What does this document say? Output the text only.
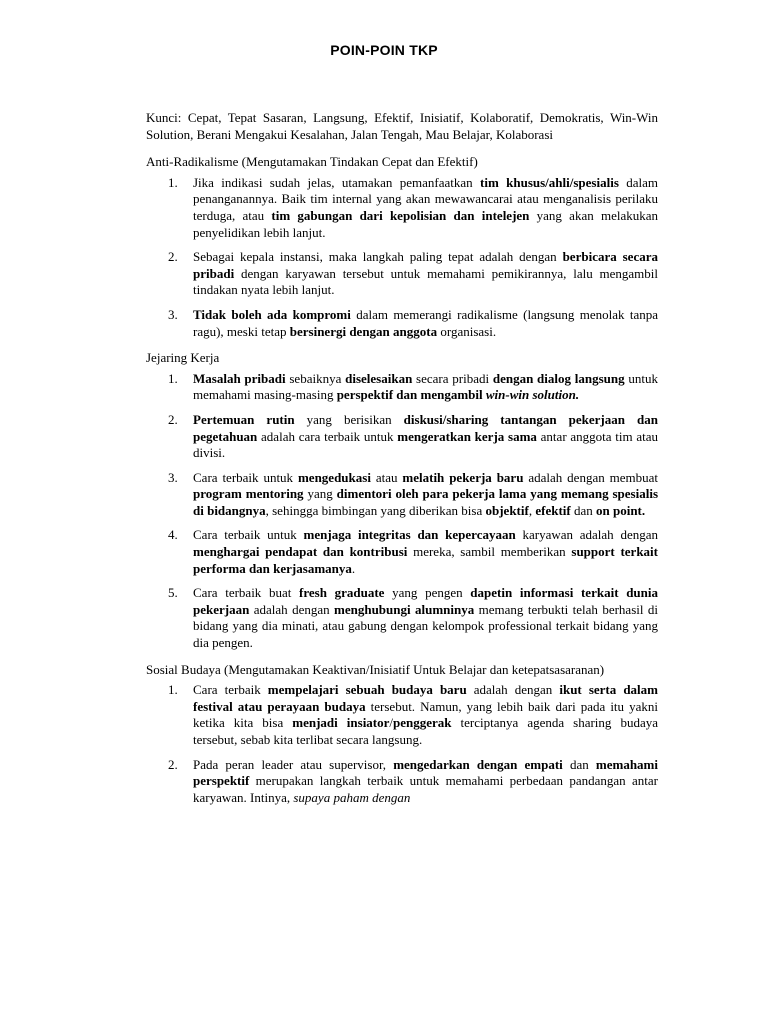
POIN-POIN TKP

Kunci: Cepat, Tepat Sasaran, Langsung, Efektif, Inisiatif, Kolaboratif, Demokratis, Win-Win Solution, Berani Mengakui Kesalahan, Jalan Tengah, Mau Belajar, Kolaborasi

Anti-Radikalisme (Mengutamakan Tindakan Cepat dan Efektif)

1. Jika indikasi sudah jelas, utamakan pemanfaatkan tim khusus/ahli/spesialis dalam penanganannya. Baik tim internal yang akan mewawancarai atau menganalisis perilaku terduga, atau tim gabungan dari kepolisian dan intelejen yang akan melakukan penyelidikan lebih lanjut.
2. Sebagai kepala instansi, maka langkah paling tepat adalah dengan berbicara secara pribadi dengan karyawan tersebut untuk memahami pemikirannya, lalu mengambil tindakan nyata lebih lanjut.
3. Tidak boleh ada kompromi dalam memerangi radikalisme (langsung menolak tanpa ragu), meski tetap bersinergi dengan anggota organisasi.

Jejaring Kerja

1. Masalah pribadi sebaiknya diselesaikan secara pribadi dengan dialog langsung untuk memahami masing-masing perspektif dan mengambil win-win solution.
2. Pertemuan rutin yang berisikan diskusi/sharing tantangan pekerjaan dan pegetahuan adalah cara terbaik untuk mengeratkan kerja sama antar anggota tim atau divisi.
3. Cara terbaik untuk mengedukasi atau melatih pekerja baru adalah dengan membuat program mentoring yang dimentori oleh para pekerja lama yang memang spesialis di bidangnya, sehingga bimbingan yang diberikan bisa objektif, efektif dan on point.
4. Cara terbaik untuk menjaga integritas dan kepercayaan karyawan adalah dengan menghargai pendapat dan kontribusi mereka, sambil memberikan support terkait performa dan kerjasamanya.
5. Cara terbaik buat fresh graduate yang pengen dapetin informasi terkait dunia pekerjaan adalah dengan menghubungi alumninya memang terbukti telah berhasil di bidang yang dia minati, atau gabung dengan kelompok professional terkait bidang yang dia pengen.

Sosial Budaya (Mengutamakan Keaktivan/Inisiatif Untuk Belajar dan ketepatsasaranan)

1. Cara terbaik mempelajari sebuah budaya baru adalah dengan ikut serta dalam festival atau perayaan budaya tersebut. Namun, yang lebih baik dari pada itu yakni ketika kita bisa menjadi insiator/penggerak terciptanya agenda sharing budaya tersebut, sebab kita terlibat secara langsung.
2. Pada peran leader atau supervisor, mengedarkan dengan empati dan memahami perspektif merupakan langkah terbaik untuk memahami perbedaan pandangan antar karyawan. Intinya, supaya paham dengan
